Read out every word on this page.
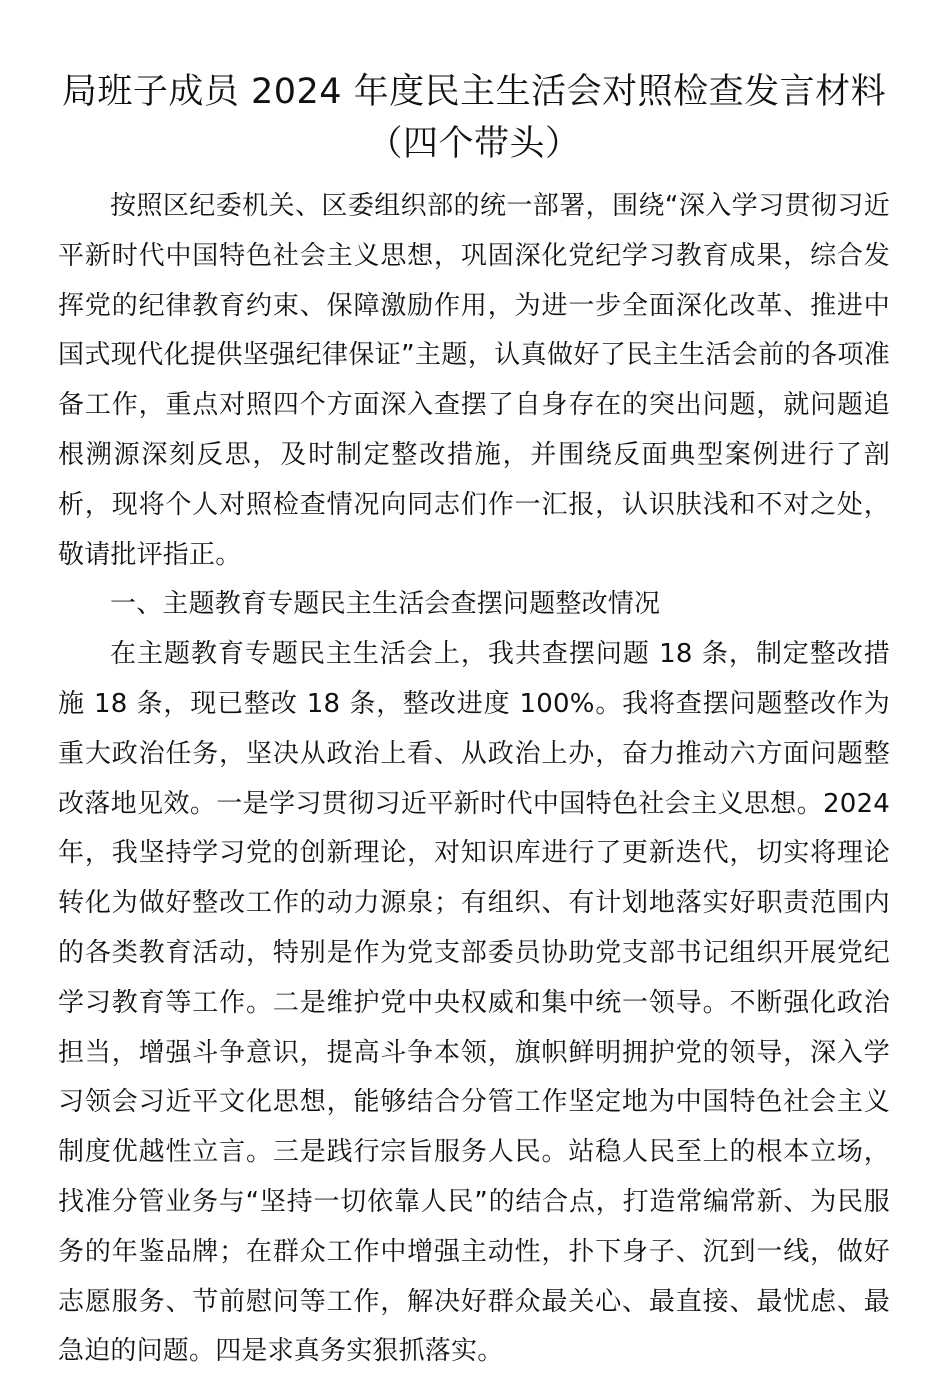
局班子成员 2024 年度民主生活会对照检查发言材料（四个带头）

按照区纪委机关、区委组织部的统一部署，围绕“深入学习贯彻习近平新时代中国特色社会主义思想，巩固深化党纪学习教育成果，综合发挥党的纪律教育约束、保障激励作用，为进一步全面深化改革、推进中国式现代化提供坚强纪律保证”主题，认真做好了民主生活会前的各项准备工作，重点对照四个方面深入查摆了自身存在的突出问题，就问题追根溯源深刻反思，及时制定整改措施，并围绕反面典型案例进行了剖析，现将个人对照检查情况向同志们作一汇报，认识肤浅和不对之处，敬请批评指正。

一、主题教育专题民主生活会查摆问题整改情况

在主题教育专题民主生活会上，我共查摆问题 18 条，制定整改措施 18 条，现已整改 18 条，整改进度 100%。我将查摆问题整改作为重大政治任务，坚决从政治上看、从政治上办，奋力推动六方面问题整改落地见效。一是学习贯彻习近平新时代中国特色社会主义思想。2024 年，我坚持学习党的创新理论，对知识库进行了更新迭代，切实将理论转化为做好整改工作的动力源泉；有组织、有计划地落实好职责范围内的各类教育活动，特别是作为党支部委员协助党支部书记组织开展党纪学习教育等工作。二是维护党中央权威和集中统一领导。不断强化政治担当，增强斗争意识，提高斗争本领，旗帜鲜明拥护党的领导，深入学习领会习近平文化思想，能够结合分管工作坚定地为中国特色社会主义制度优越性立言。三是践行宗旨服务人民。站稳人民至上的根本立场，找准分管业务与“坚持一切依靠人民”的结合点，打造常编常新、为民服务的年鉴品牌；在群众工作中增强主动性，扑下身子、沉到一线，做好志愿服务、节前慰问等工作，解决好群众最关心、最直接、最忧虑、最急迫的问题。四是求真务实狠抓落实。
